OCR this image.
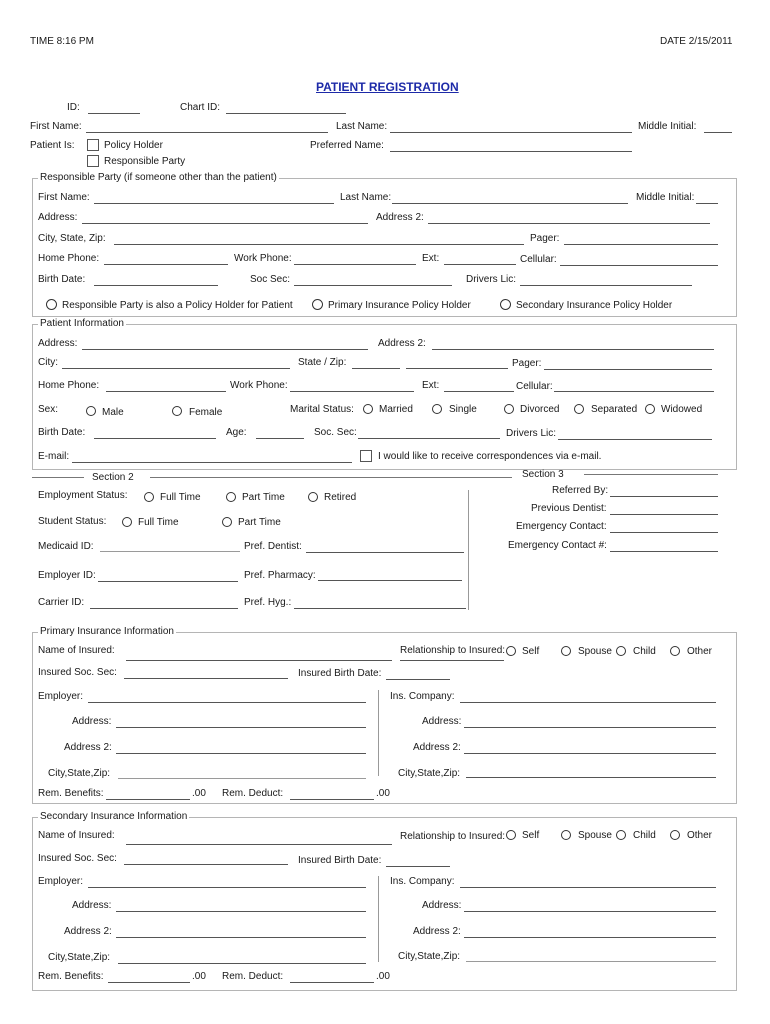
TIME 8:16 PM	DATE 2/15/2011
PATIENT REGISTRATION
ID:	Chart ID:
First Name:	Last Name:	Middle Initial:
Patient Is:	Policy Holder
Responsible Party
Preferred Name:
Responsible Party (if someone other than the patient)
First Name:	Last Name:	Middle Initial:
Address:	Address 2:
City, State, Zip:	Pager:
Home Phone:	Work Phone:	Ext:	Cellular:
Birth Date:	Soc Sec:	Drivers Lic:
Responsible Party is also a Policy Holder for Patient	Primary Insurance Policy Holder	Secondary Insurance Policy Holder
Patient Information
Address:	Address 2:
City:	State / Zip:	Pager:
Home Phone:	Work Phone:	Ext:	Cellular:
Sex:	Male	Female	Marital Status:	Married	Single	Divorced	Separated Widowed
Birth Date:	Age:	Soc. Sec:	Drivers Lic:
E-mail:	I would like to receive correspondences via e-mail.
Section 2	Section 3
Employment Status:	Full Time	Part Time	Retired
Student Status:	Full Time	Part Time
Medicaid ID:	Pref. Dentist:
Employer ID:	Pref. Pharmacy:
Carrier ID:	Pref. Hyg.:
Referred By:
Previous Dentist:
Emergency Contact:
Emergency Contact #:
Primary Insurance Information
Name of Insured:	Relationship to Insured: Self	Spouse Child	Other
Insured Soc. Sec:	Insured Birth Date:
Employer:	Ins. Company:
Address:	Address:
Address 2:	Address 2:
City,State,Zip:	City,State,Zip:
Rem. Benefits:	.00 Rem. Deduct:	.00
Secondary Insurance Information
Name of Insured:	Relationship to Insured: Self	Spouse Child	Other
Insured Soc. Sec:	Insured Birth Date:
Employer:	Ins. Company:
Address:	Address:
Address 2:	Address 2:
City,State,Zip:	City,State,Zip:
Rem. Benefits:	.00 Rem. Deduct:	.00
